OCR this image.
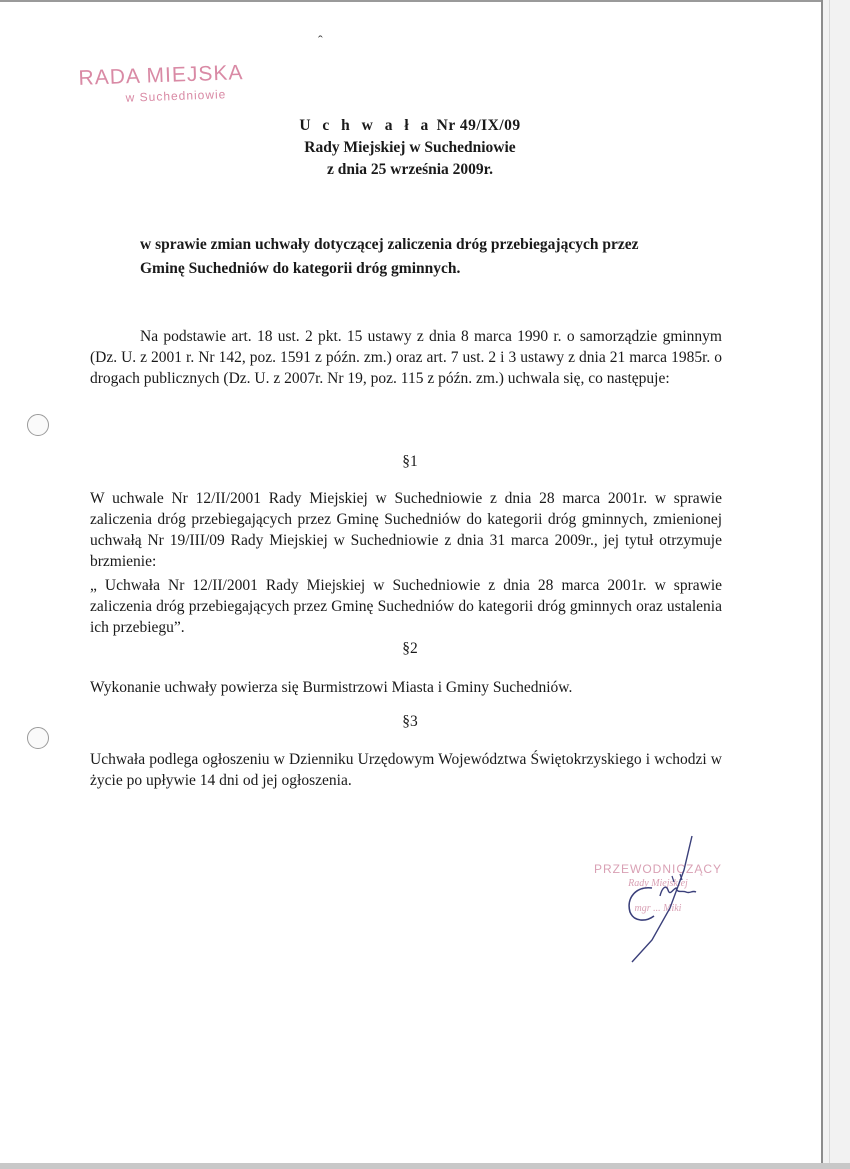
ˆ
RADA MIEJSKA
w Suchedniowie
U c h w a ł a Nr 49/IX/09
Rady Miejskiej w Suchedniowie
z dnia 25 września 2009r.
w sprawie zmian uchwały dotyczącej zaliczenia dróg przebiegających przez
Gminę Suchedniów do kategorii dróg gminnych.
Na podstawie art. 18 ust. 2 pkt. 15 ustawy z dnia 8 marca 1990 r. o samorządzie gminnym (Dz. U. z 2001 r. Nr 142, poz. 1591 z późn. zm.) oraz art. 7 ust. 2 i 3 ustawy z dnia 21 marca 1985r. o drogach publicznych (Dz. U. z 2007r. Nr 19, poz. 115 z późn. zm.) uchwala się, co następuje:
§1
W uchwale Nr 12/II/2001 Rady Miejskiej w Suchedniowie z dnia 28 marca 2001r. w sprawie zaliczenia dróg przebiegających przez Gminę Suchedniów do kategorii dróg gminnych, zmienionej uchwałą Nr 19/III/09 Rady Miejskiej w Suchedniowie z dnia 31 marca 2009r., jej tytuł otrzymuje brzmienie:
„ Uchwała Nr 12/II/2001 Rady Miejskiej w Suchedniowie z dnia 28 marca 2001r. w sprawie zaliczenia dróg przebiegających przez Gminę Suchedniów do kategorii dróg gminnych oraz ustalenia ich przebiegu”.
§2
Wykonanie uchwały powierza się Burmistrzowi Miasta i Gminy Suchedniów.
§3
Uchwała podlega ogłoszeniu w Dzienniku Urzędowym Województwa Świętokrzyskiego i wchodzi w życie po upływie 14 dni od jej ogłoszenia.
PRZEWODNICZĄCY
Rady Miejskiej
mgr ... Miki
